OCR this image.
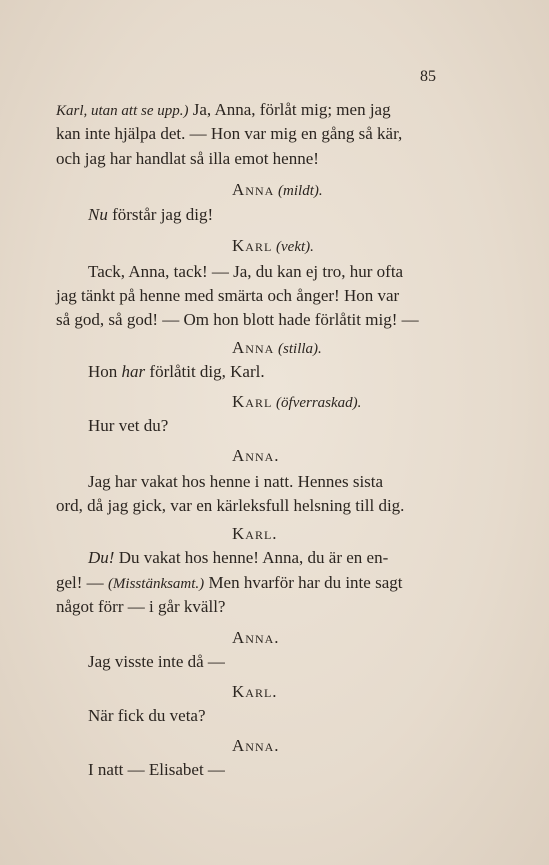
85
Karl, utan att se upp.) Ja, Anna, förlåt mig; men jag
kan inte hjälpa det. — Hon var mig en gång så kär,
och jag har handlat så illa emot henne!
Anna (mildt).
Nu förstår jag dig!
Karl (vekt).
Tack, Anna, tack! — Ja, du kan ej tro, hur ofta
jag tänkt på henne med smärta och ånger! Hon var
så god, så god! — Om hon blott hade förlåtit mig! —
Anna (stilla).
Hon har förlåtit dig, Karl.
Karl (öfverraskad).
Hur vet du?
Anna.
Jag har vakat hos henne i natt. Hennes sista
ord, då jag gick, var en kärleksfull helsning till dig.
Karl.
Du! Du vakat hos henne! Anna, du är en en-
gel! — (Misstänksamt.) Men hvarför har du inte sagt
något förr — i går kväll?
Anna.
Jag visste inte då —
Karl.
När fick du veta?
Anna.
I natt — Elisabet —
